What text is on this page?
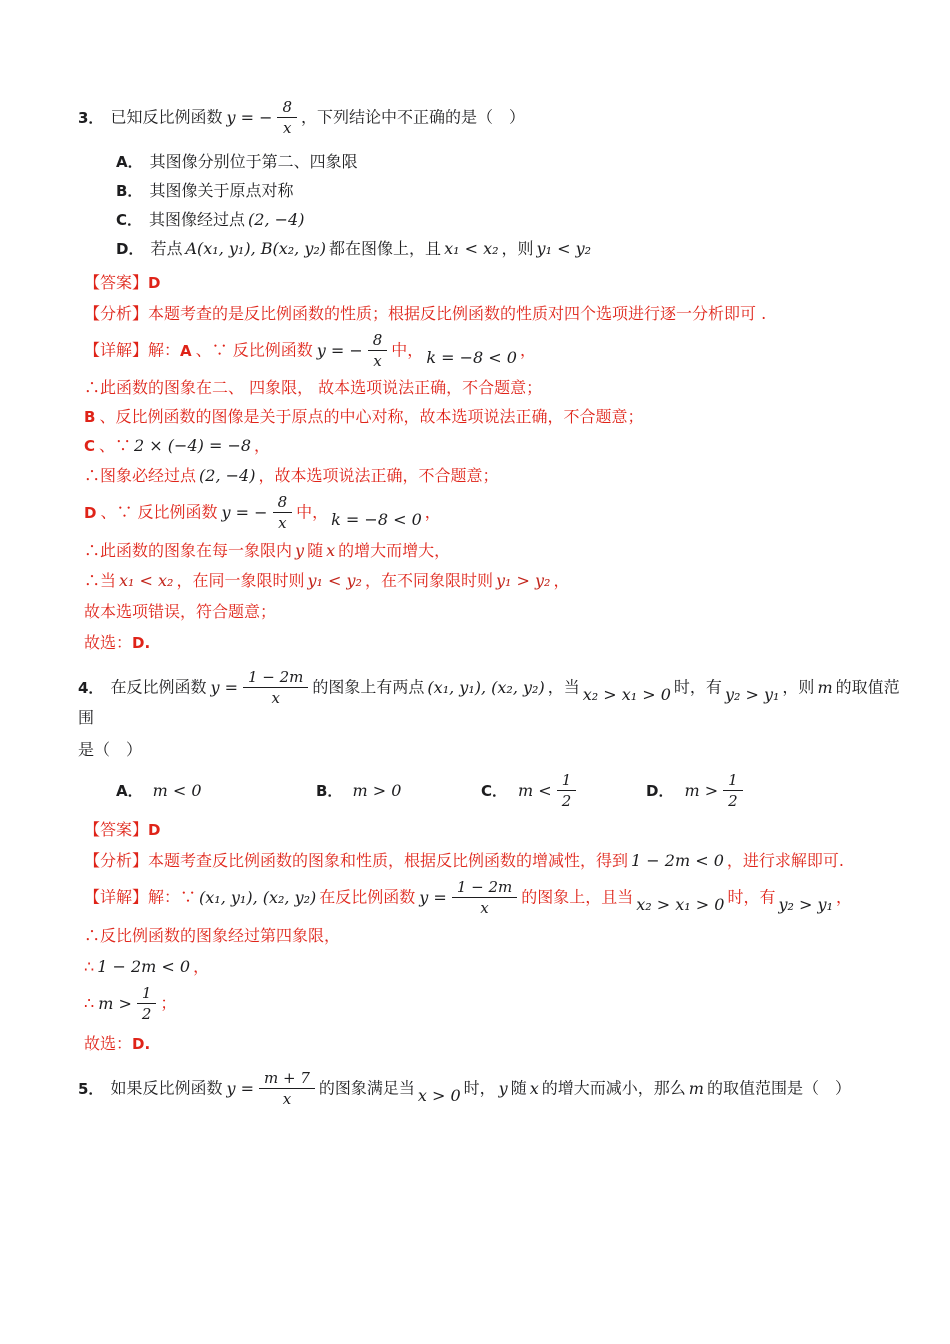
3． 已知反比例函数 y = − $\frac{8}{x}$ ，下列结论中不正确的是（　）
A． 其图像分别位于第二、四象限
B． 其图像关于原点对称
C． 其图像经过点 (2, −4)
D． 若点 A(x₁, y₁), B(x₂, y₂) 都在图像上，且 x₁ < x₂ ，则 y₁ < y₂
【答案】D
【分析】本题考查的是反比例函数的性质；根据反比例函数的性质对四个选项进行逐一分析即可 .
【详解】解：A 、∵ 反比例函数 y = − $\frac{8}{x}$ 中， k = −8 < 0 ，
∴此函数的图象在二、 四象限， 故本选项说法正确，不合题意；
B 、反比例函数的图像是关于原点的中心对称，故本选项说法正确，不合题意；
C 、∵ 2 × (−4) = −8 ，
∴图象必经过点 (2, −4) ，故本选项说法正确，不合题意；
D 、∵ 反比例函数 y = − $\frac{8}{x}$ 中， k = −8 < 0 ，
∴此函数的图象在每一象限内 y 随 x 的增大而增大，
∴当 x₁ < x₂ ，在同一象限时则 y₁ < y₂ ，在不同象限时则 y₁ > y₂ ，
故本选项错误，符合题意；
故选：D.
4． 在反比例函数 $y = \frac{1 - 2m}{x}$ 的图象上有两点 (x₁, y₁), (x₂, y₂) ，当 x₂ > x₁ > 0 时，有 y₂ > y₁ ，则 m 的取值范围
是（　）
A． m < 0	B． m > 0	C． $m < \frac{1}{2}$	D． $m > \frac{1}{2}$
【答案】D
【分析】本题考查反比例函数的图象和性质，根据反比例函数的增减性，得到 1 − 2m < 0 ，进行求解即可.
【详解】解：∵ (x₁, y₁), (x₂, y₂) 在反比例函数 $y = \frac{1 - 2m}{x}$ 的图象上，且当 x₂ > x₁ > 0 时，有 y₂ > y₁ ，
∴反比例函数的图象经过第四象限，
∴ 1 − 2m < 0 ，
∴ $m > \frac{1}{2}$ ；
故选：D.
5． 如果反比例函数 $y = \frac{m + 7}{x}$ 的图象满足当 x > 0 时， y 随 x 的增大而减小，那么 m 的取值范围是（　）
